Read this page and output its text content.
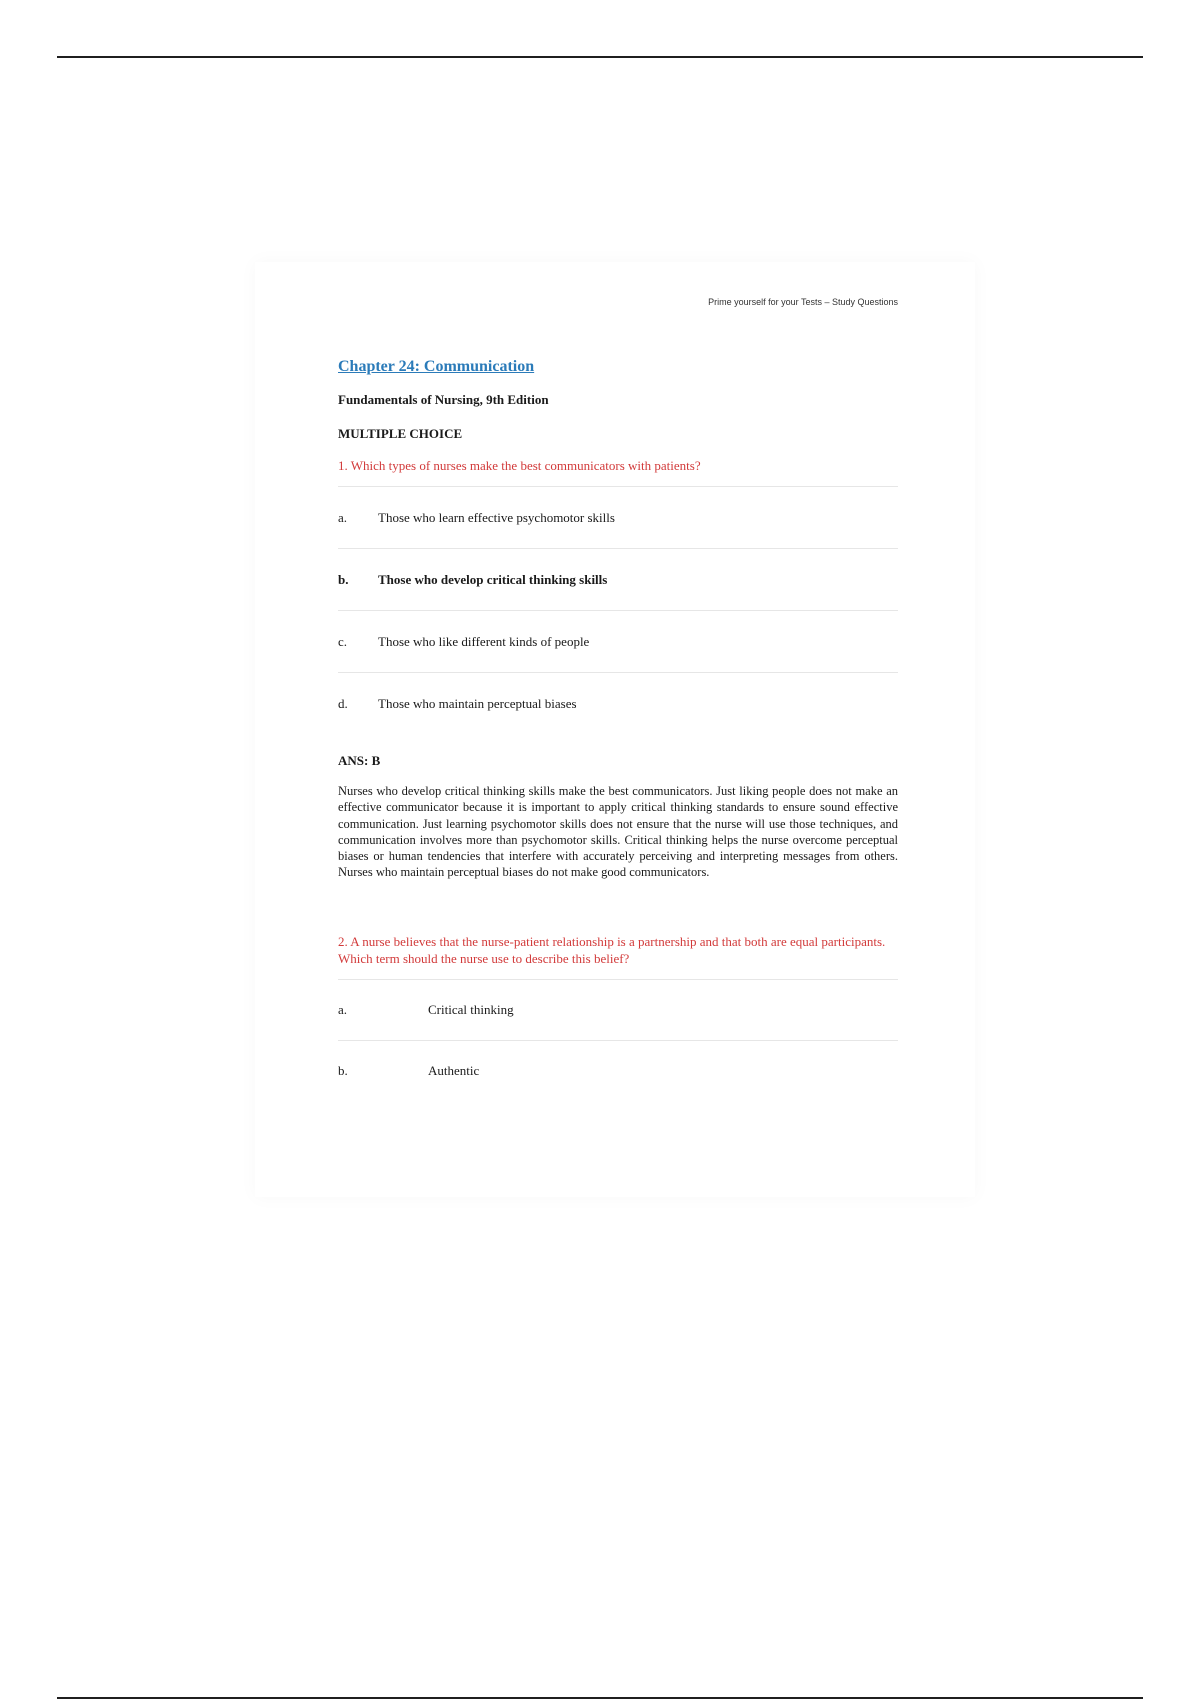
Prime yourself for your Tests – Study Questions
Chapter 24: Communication
Fundamentals of Nursing, 9th Edition
MULTIPLE CHOICE

1. Which types of nurses make the best communicators with patients?

a.	Those who learn effective psychomotor skills
b.	Those who develop critical thinking skills
c.	Those who like different kinds of people
d.	Those who maintain perceptual biases
ANS: B

Nurses who develop critical thinking skills make the best communicators. Just liking people does not make an effective communicator because it is important to apply critical thinking standards to ensure sound effective communication. Just learning psychomotor skills does not ensure that the nurse will use those techniques, and communication involves more than psychomotor skills. Critical thinking helps the nurse overcome perceptual biases or human tendencies that interfere with accurately perceiving and interpreting messages from others. Nurses who maintain perceptual biases do not make good communicators.

2. A nurse believes that the nurse-patient relationship is a partnership and that both are equal participants. Which term should the nurse use to describe this belief?

a.	Critical thinking
b.	Authentic
